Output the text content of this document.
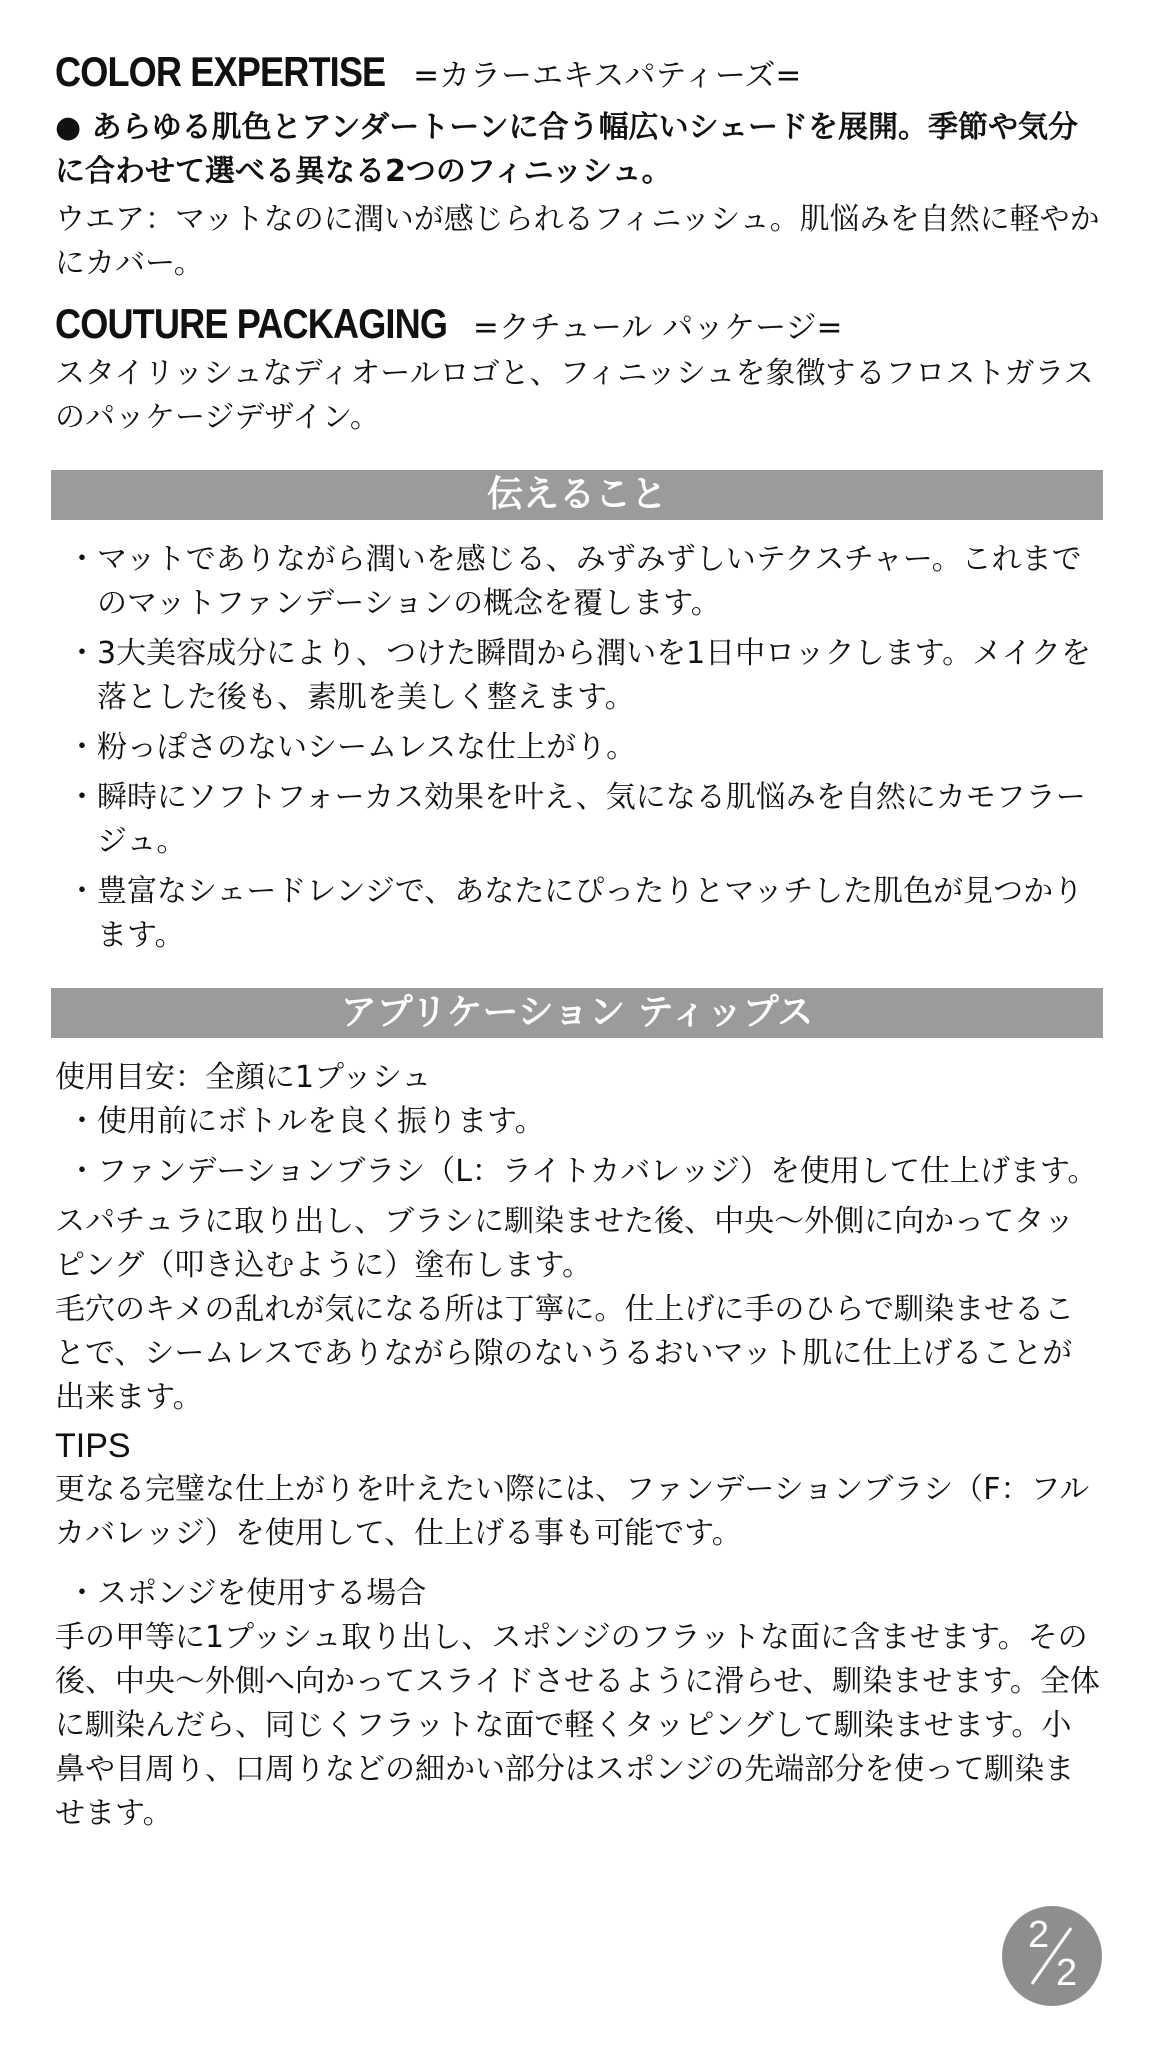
COLOR EXPERTISE =カラーエキスパティーズ=

● あらゆる肌色とアンダートーンに合う幅広いシェードを展開。季節や気分に合わせて選べる異なる2つのフィニッシュ。

ウエア：マットなのに潤いが感じられるフィニッシュ。肌悩みを自然に軽やかにカバー。

COUTURE PACKAGING =クチュール パッケージ=

スタイリッシュなディオールロゴと、フィニッシュを象徴するフロストガラスのパッケージデザイン。

伝えること
・ マットでありながら潤いを感じる、みずみずしいテクスチャー。これまでのマットファンデーションの概念を覆します。
・ 3大美容成分により、つけた瞬間から潤いを1日中ロックします。メイクを落とした後も、素肌を美しく整えます。
・ 粉っぽさのないシームレスな仕上がり。
・ 瞬時にソフトフォーカス効果を叶え、気になる肌悩みを自然にカモフラージュ。
・ 豊富なシェードレンジで、あなたにぴったりとマッチした肌色が見つかります。
アプリケーション ティップス

使用目安：全顔に1プッシュ

・ 使用前にボトルを良く振ります。
・ ファンデーションブラシ（L：ライトカバレッジ）を使用して仕上げます。

スパチュラに取り出し、ブラシに馴染ませた後、中央〜外側に向かってタッピング（叩き込むように）塗布します。

毛穴のキメの乱れが気になる所は丁寧に。仕上げに手のひらで馴染ませることで、シームレスでありながら隙のないうるおいマット肌に仕上げることが出来ます。

TIPS

更なる完璧な仕上がりを叶えたい際には、ファンデーションブラシ（F：フルカバレッジ）を使用して、仕上げる事も可能です。

・ スポンジを使用する場合

手の甲等に1プッシュ取り出し、スポンジのフラットな面に含ませます。その後、中央〜外側へ向かってスライドさせるように滑らせ、馴染ませます。全体に馴染んだら、同じくフラットな面で軽くタッピングして馴染ませます。小鼻や目周り、口周りなどの細かい部分はスポンジの先端部分を使って馴染ませます。

2
2
